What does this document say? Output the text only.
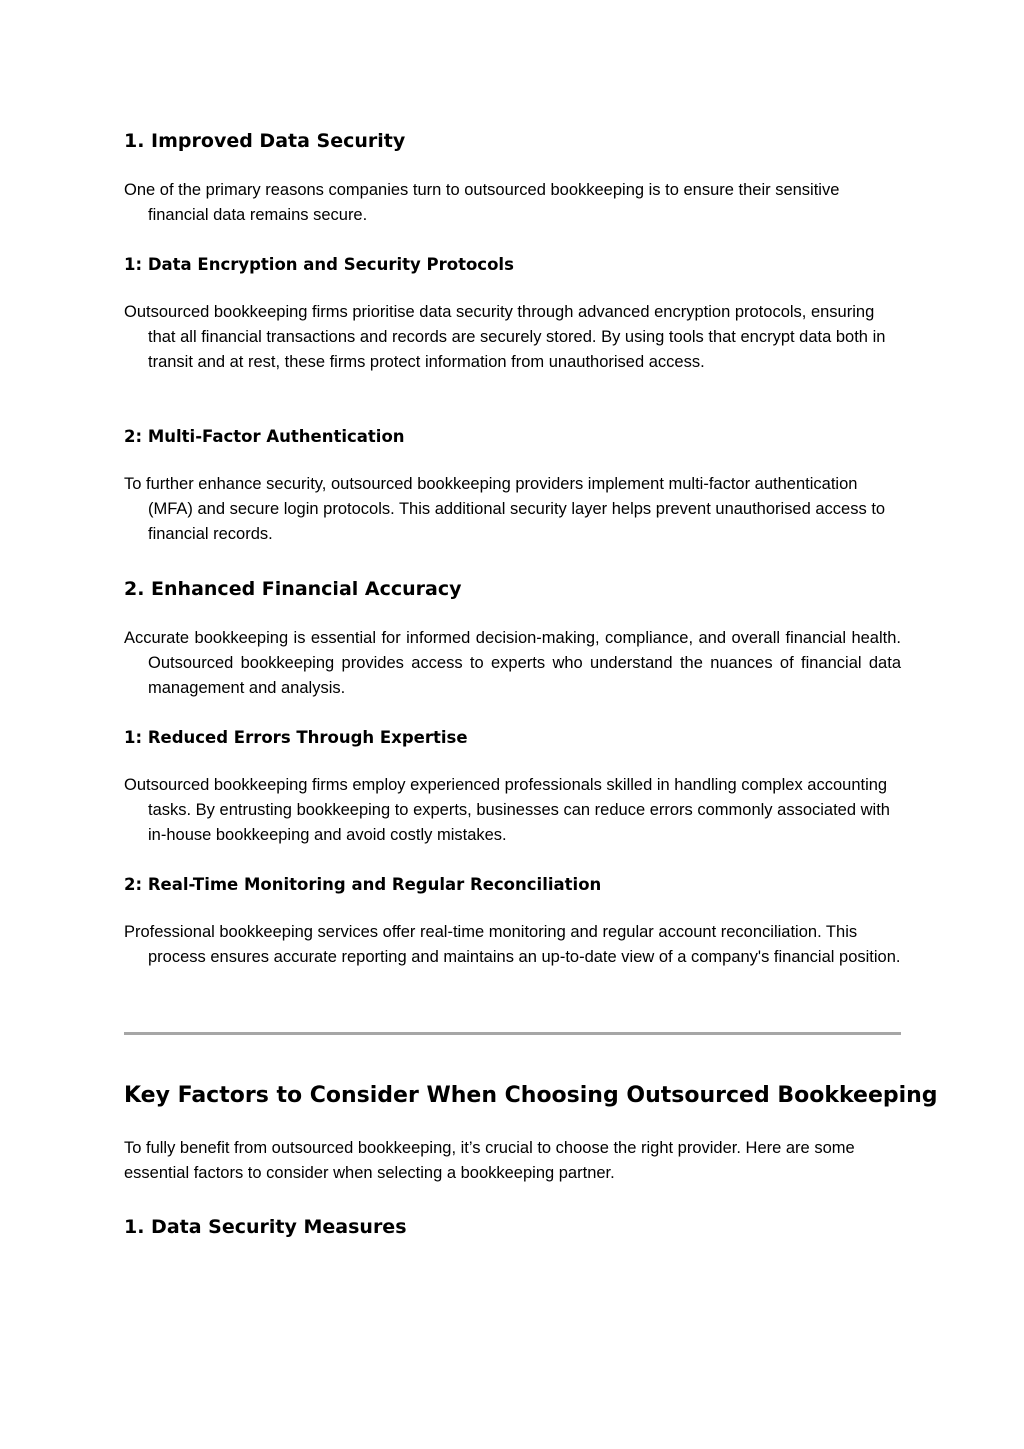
1. Improved Data Security

One of the primary reasons companies turn to outsourced bookkeeping is to ensure their sensitive financial data remains secure.

1: Data Encryption and Security Protocols

Outsourced bookkeeping firms prioritise data security through advanced encryption protocols, ensuring that all financial transactions and records are securely stored. By using tools that encrypt data both in transit and at rest, these firms protect information from unauthorised access.

2: Multi-Factor Authentication

To further enhance security, outsourced bookkeeping providers implement multi-factor authentication (MFA) and secure login protocols. This additional security layer helps prevent unauthorised access to financial records.

2. Enhanced Financial Accuracy

Accurate bookkeeping is essential for informed decision-making, compliance, and overall financial health. Outsourced bookkeeping provides access to experts who understand the nuances of financial data management and analysis.

1: Reduced Errors Through Expertise

Outsourced bookkeeping firms employ experienced professionals skilled in handling complex accounting tasks. By entrusting bookkeeping to experts, businesses can reduce errors commonly associated with in-house bookkeeping and avoid costly mistakes.

2: Real-Time Monitoring and Regular Reconciliation

Professional bookkeeping services offer real-time monitoring and regular account reconciliation. This process ensures accurate reporting and maintains an up-to-date view of a company's financial position.

Key Factors to Consider When Choosing Outsourced Bookkeeping

To fully benefit from outsourced bookkeeping, it’s crucial to choose the right provider. Here are some essential factors to consider when selecting a bookkeeping partner.

1. Data Security Measures
